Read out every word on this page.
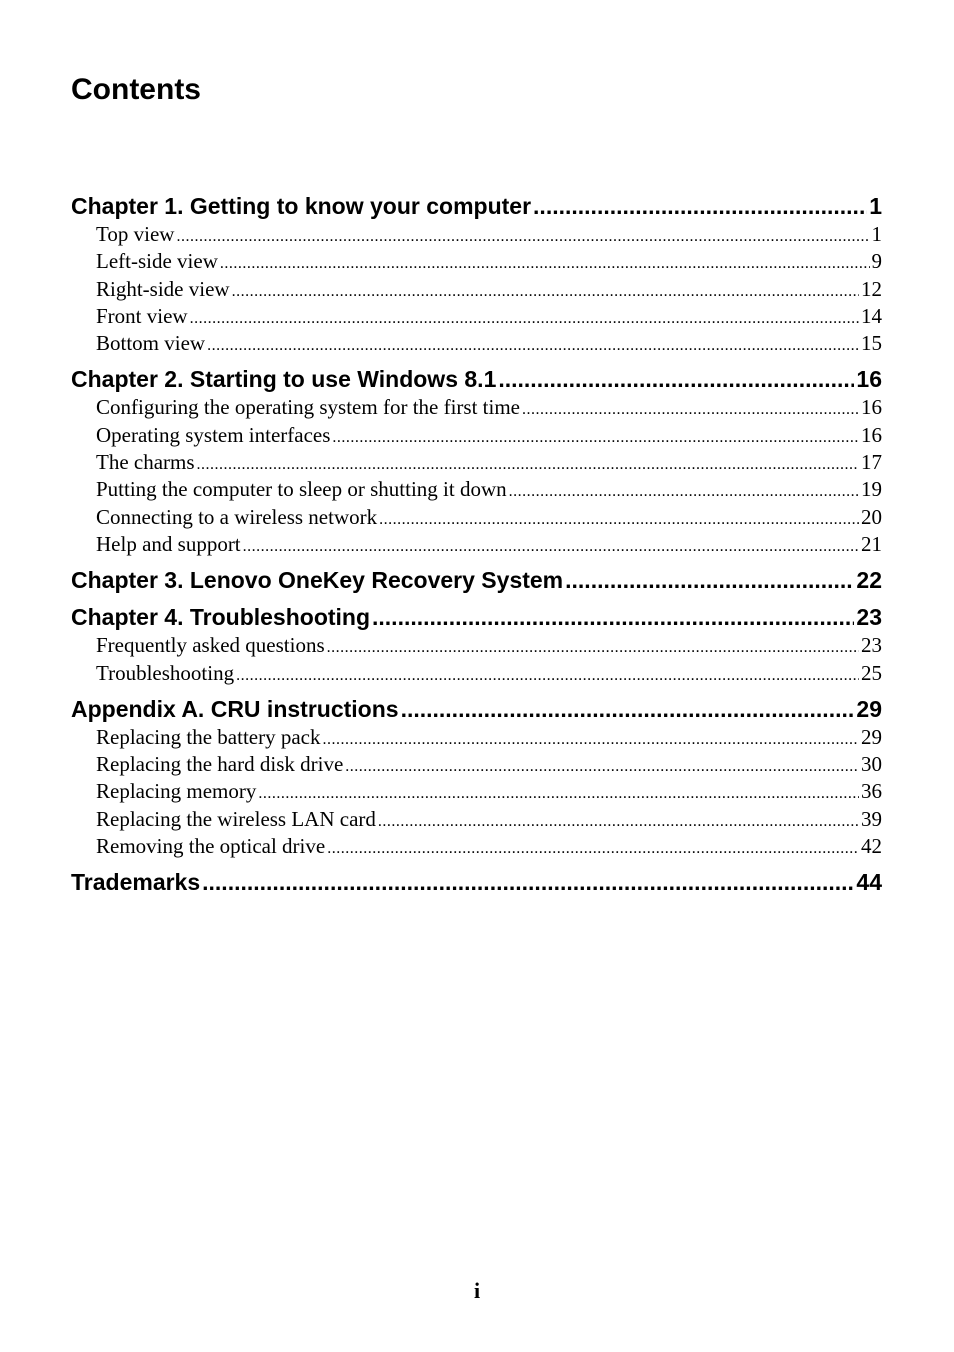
Contents
Chapter 1. Getting to know your computer .....	1
Top view .....	1
Left-side view .....	9
Right-side view .....	12
Front view .....	14
Bottom view .....	15
Chapter 2. Starting to use Windows 8.1 .....	16
Configuring the operating system for the first time .....	16
Operating system interfaces .....	16
The charms .....	17
Putting the computer to sleep or shutting it down .....	19
Connecting to a wireless network .....	20
Help and support .....	21
Chapter 3. Lenovo OneKey Recovery System .....	22
Chapter 4. Troubleshooting .....	23
Frequently asked questions .....	23
Troubleshooting .....	25
Appendix A. CRU instructions .....	29
Replacing the battery pack .....	29
Replacing the hard disk drive .....	30
Replacing memory .....	36
Replacing the wireless LAN card .....	39
Removing the optical drive .....	42
Trademarks .....	44
i
